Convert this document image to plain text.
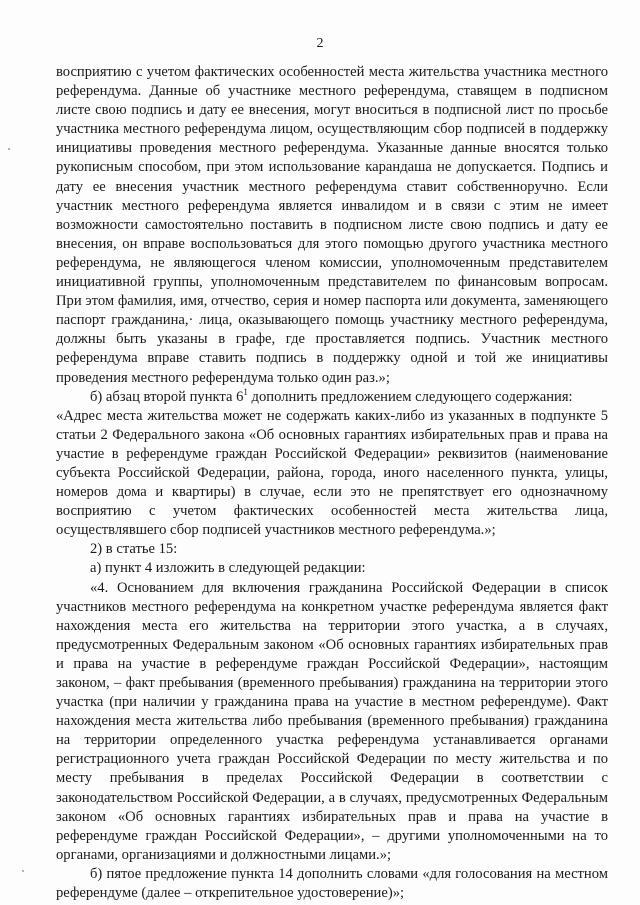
2

восприятию с учетом фактических особенностей места жительства участника местного референдума. Данные об участнике местного референдума, ставящем в подписном листе свою подпись и дату ее внесения, могут вноситься в подписной лист по просьбе участника местного референдума лицом, осуществляющим сбор подписей в поддержку инициативы проведения местного референдума. Указанные данные вносятся только рукописным способом, при этом использование карандаша не допускается. Подпись и дату ее внесения участник местного референдума ставит собственноручно. Если участник местного референдума является инвалидом и в связи с этим не имеет возможности самостоятельно поставить в подписном листе свою подпись и дату ее внесения, он вправе воспользоваться для этого помощью другого участника местного референдума, не являющегося членом комиссии, уполномоченным представителем инициативной группы, уполномоченным представителем по финансовым вопросам. При этом фамилия, имя, отчество, серия и номер паспорта или документа, заменяющего паспорт гражданина,· лица, оказывающего помощь участнику местного референдума, должны быть указаны в графе, где проставляется подпись. Участник местного референдума вправе ставить подпись в поддержку одной и той же инициативы проведения местного референдума только один раз.»;

б) абзац второй пункта $6^1$ дополнить предложением следующего содержания:

«Адрес места жительства может не содержать каких-либо из указанных в подпункте 5 статьи 2 Федерального закона «Об основных гарантиях избирательных прав и права на участие в референдуме граждан Российской Федерации» реквизитов (наименование субъекта Российской Федерации, района, города, иного населенного пункта, улицы, номеров дома и квартиры) в случае, если это не препятствует его однозначному восприятию с учетом фактических особенностей места жительства лица, осуществлявшего сбор подписей участников местного референдума.»;

2) в статье 15:

а) пункт 4 изложить в следующей редакции:

«4. Основанием для включения гражданина Российской Федерации в список участников местного референдума на конкретном участке референдума является факт нахождения места его жительства на территории этого участка, а в случаях, предусмотренных Федеральным законом «Об основных гарантиях избирательных прав и права на участие в референдуме граждан Российской Федерации», настоящим законом, – факт пребывания (временного пребывания) гражданина на территории этого участка (при наличии у гражданина права на участие в местном референдуме). Факт нахождения места жительства либо пребывания (временного пребывания) гражданина на территории определенного участка референдума устанавливается органами регистрационного учета граждан Российской Федерации по месту жительства и по месту пребывания в пределах Российской Федерации в соответствии с законодательством Российской Федерации, а в случаях, предусмотренных Федеральным законом «Об основных гарантиях избирательных прав и права на участие в референдуме граждан Российской Федерации», – другими уполномоченными на то органами, организациями и должностными лицами.»;

б) пятое предложение пункта 14 дополнить словами «для голосования на местном референдуме (далее – открепительное удостоверение)»;
